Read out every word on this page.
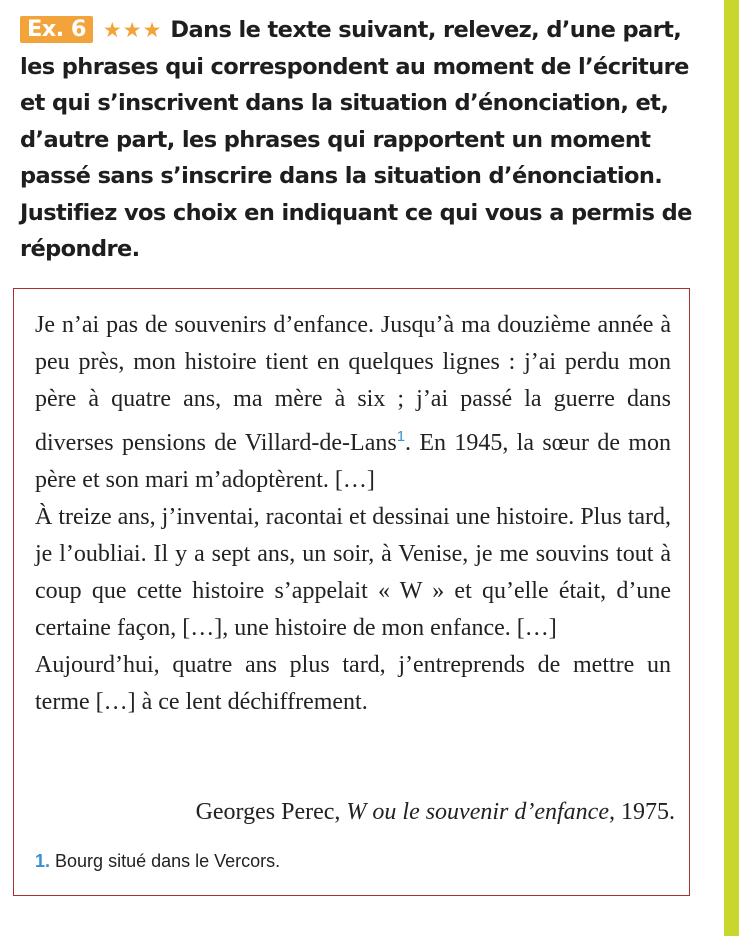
Ex. 6 ★★★ Dans le texte suivant, relevez, d’une part, les phrases qui correspondent au moment de l’écriture et qui s’inscrivent dans la situation d’énonciation, et, d’autre part, les phrases qui rapportent un moment passé sans s’inscrire dans la situation d’énonciation. Justifiez vos choix en indiquant ce qui vous a permis de répondre.

Je n’ai pas de souvenirs d’enfance. Jusqu’à ma douzième année à peu près, mon histoire tient en quelques lignes : j’ai perdu mon père à quatre ans, ma mère à six ; j’ai passé la guerre dans diverses pensions de Villard-de-Lans$^1$. En 1945, la sœur de mon père et son mari m’adoptèrent. […]

À treize ans, j’inventai, racontai et dessinai une histoire. Plus tard, je l’oubliai. Il y a sept ans, un soir, à Venise, je me souvins tout à coup que cette histoire s’appelait « W » et qu’elle était, d’une certaine façon, […], une histoire de mon enfance. […]

Aujourd’hui, quatre ans plus tard, j’entreprends de mettre un terme […] à ce lent déchiffrement.

Georges Perec, W ou le souvenir d’enfance, 1975.
1. Bourg situé dans le Vercors.
